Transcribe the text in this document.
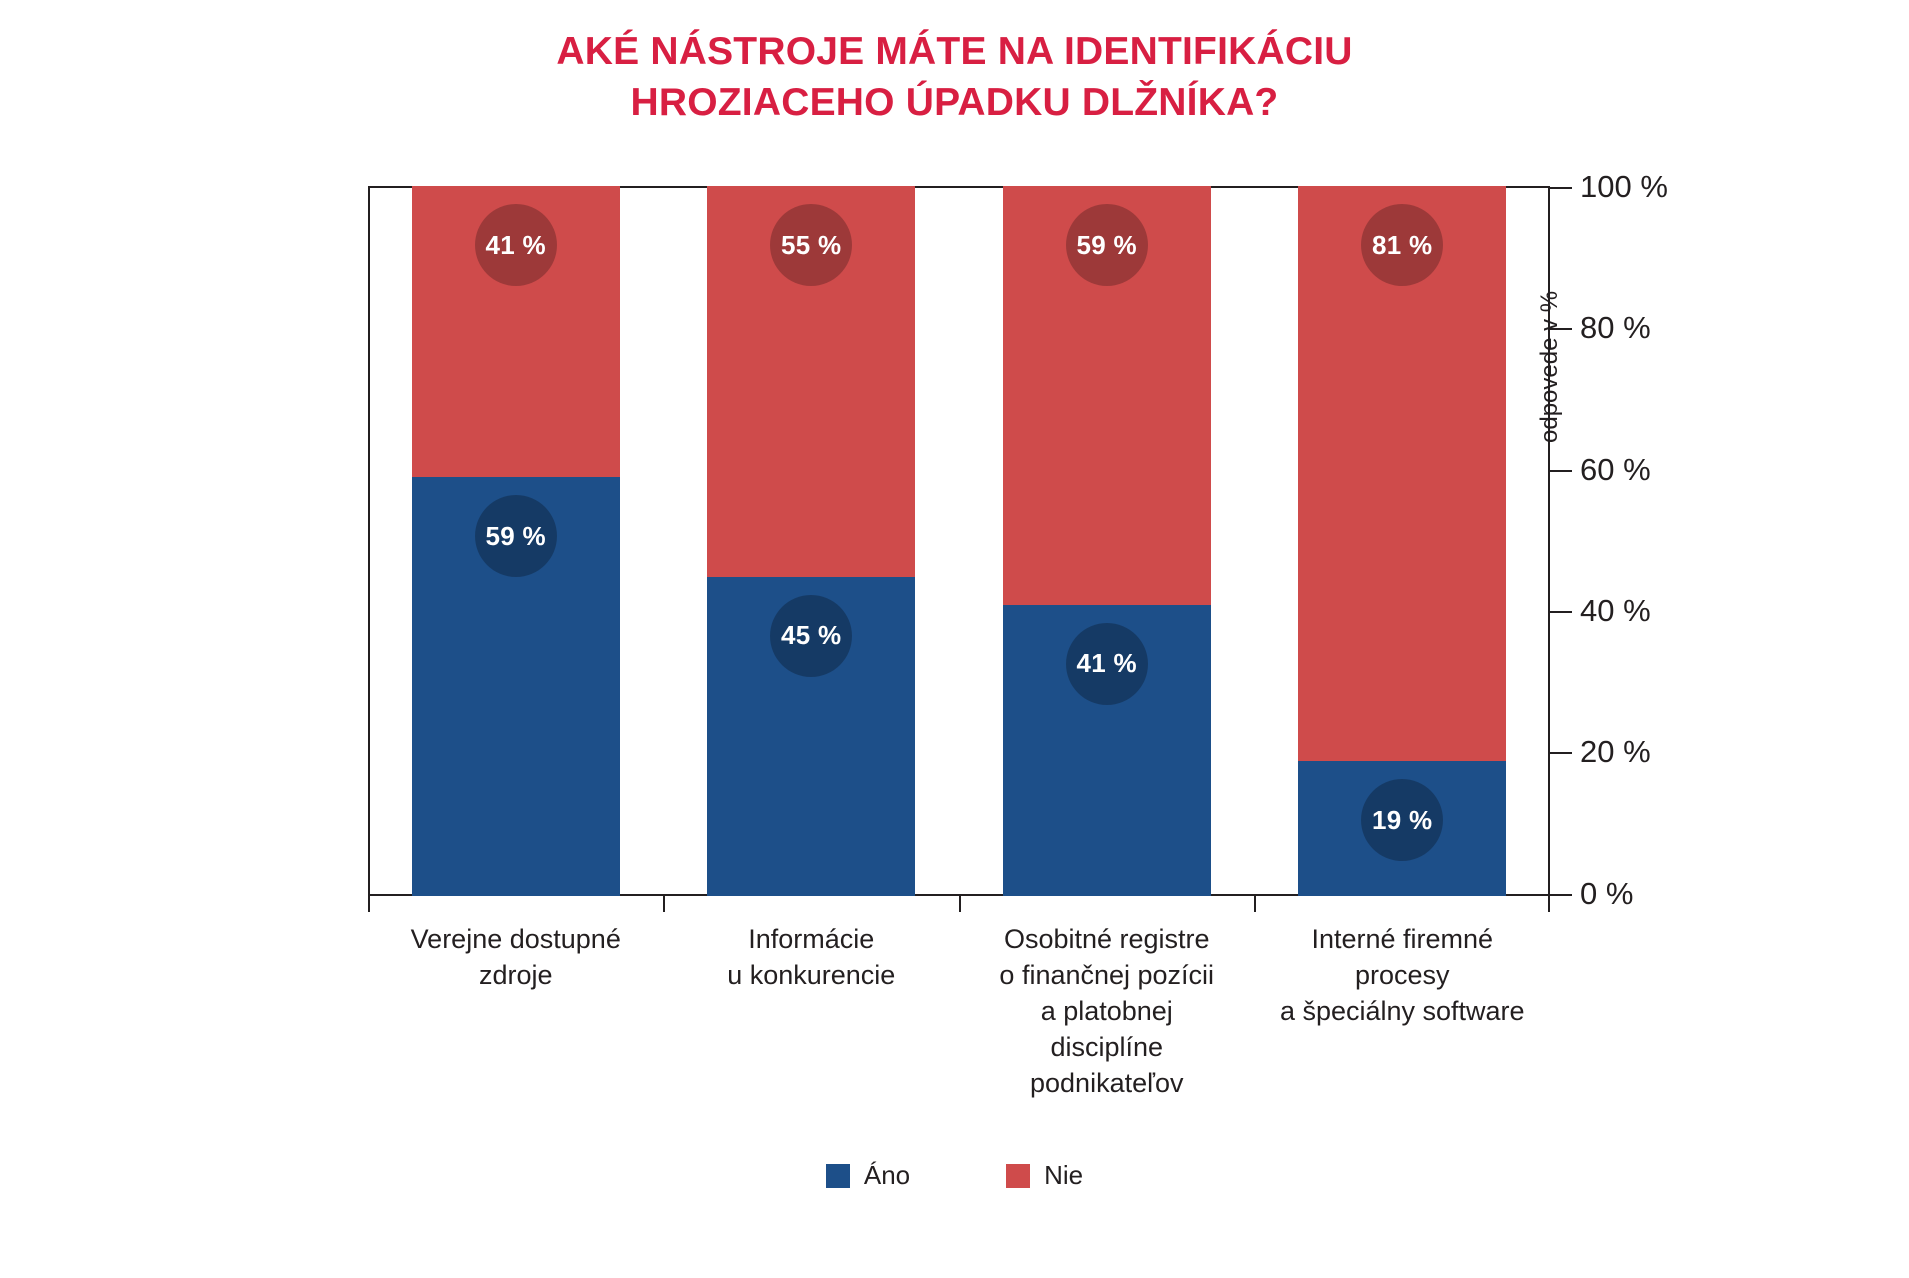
AKÉ NÁSTROJE MÁTE NA IDENTIFIKÁCIU
HROZIACEHO ÚPADKU DLŽNÍKA?
41 %
59 %
55 %
45 %
59 %
41 %
81 %
19 %
0 %
20 %
40 %
60 %
80 %
100 %
odpovede v %
Verejne dostupné
zdroje
Informácie
u konkurencie
Osobitné registre
o finančnej pozícii
a platobnej
disciplíne
podnikateľov
Interné firemné
procesy
a špeciálny software
Áno	Nie
